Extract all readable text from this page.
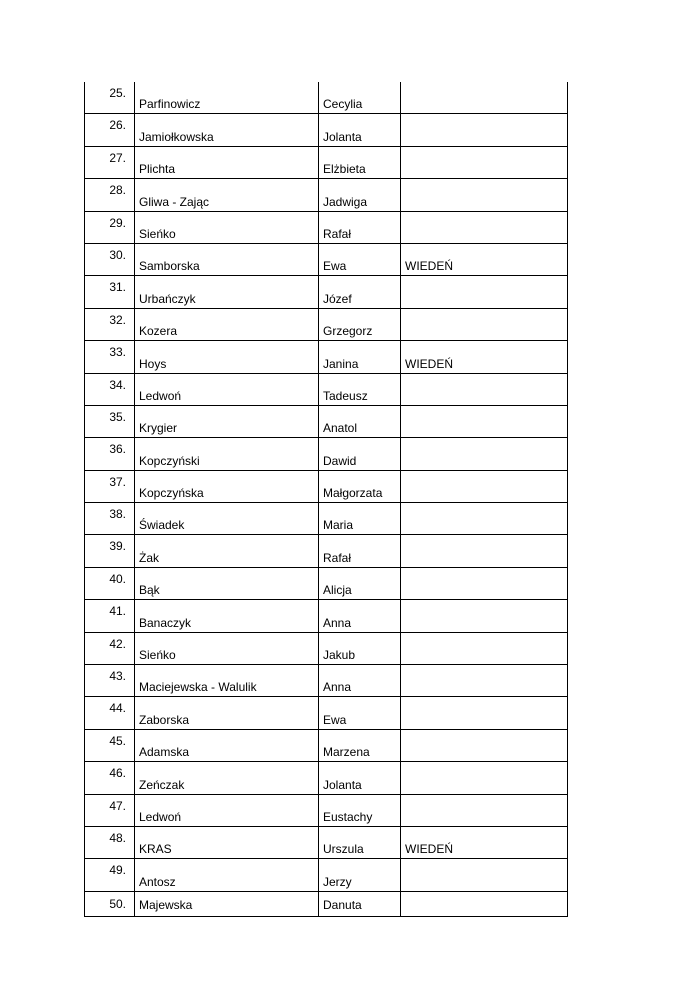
25.
Parfinowicz	Cecylia
26.
Jamiołkowska	Jolanta
27.
Plichta	Elżbieta
28.
Gliwa - Zając	Jadwiga
29.
Sieńko	Rafał
30.
Samborska	Ewa	WIEDEŃ
31.
Urbańczyk	Józef
32.
Kozera	Grzegorz
33.
Hoys	Janina	WIEDEŃ
34.
Ledwoń	Tadeusz
35.
Krygier	Anatol
36.
Kopczyński	Dawid
37.
Kopczyńska	Małgorzata
38.
Świadek	Maria
39.
Żak	Rafał
40.
Bąk	Alicja
41.
Banaczyk	Anna
42.
Sieńko	Jakub
43.
Maciejewska - Walulik	Anna
44.
Zaborska	Ewa
45.
Adamska	Marzena
46.
Zeńczak	Jolanta
47.
Ledwoń	Eustachy
48.
KRAS	Urszula	WIEDEŃ
49.
Antosz	Jerzy
50. Majewska	Danuta
